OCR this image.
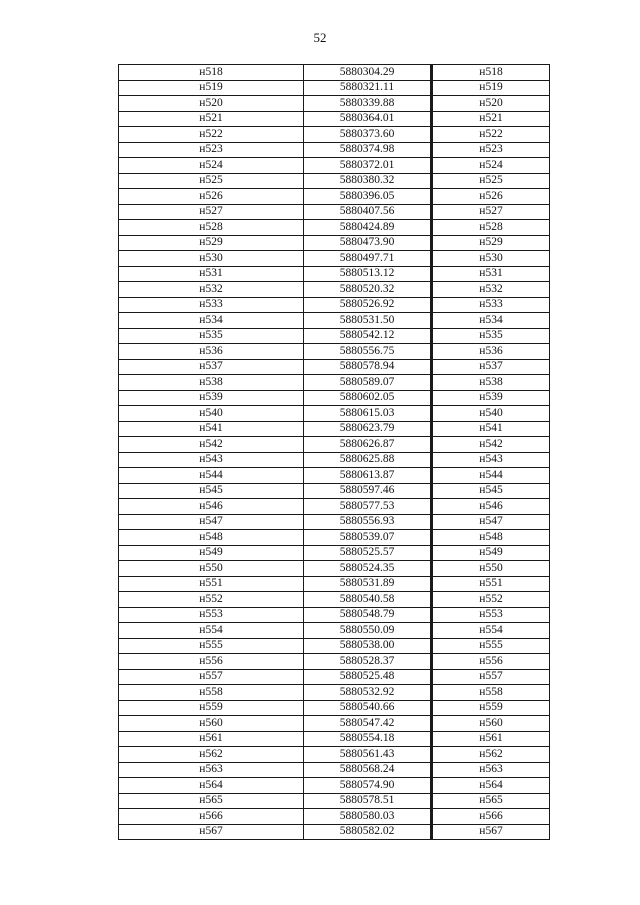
52
н518	5880304.29	н518
н519	5880321.11	н519
н520	5880339.88	н520
н521	5880364.01	н521
н522	5880373.60	н522
н523	5880374.98	н523
н524	5880372.01	н524
н525	5880380.32	н525
н526	5880396.05	н526
н527	5880407.56	н527
н528	5880424.89	н528
н529	5880473.90	н529
н530	5880497.71	н530
н531	5880513.12	н531
н532	5880520.32	н532
н533	5880526.92	н533
н534	5880531.50	н534
н535	5880542.12	н535
н536	5880556.75	н536
н537	5880578.94	н537
н538	5880589.07	н538
н539	5880602.05	н539
н540	5880615.03	н540
н541	5880623.79	н541
н542	5880626.87	н542
н543	5880625.88	н543
н544	5880613.87	н544
н545	5880597.46	н545
н546	5880577.53	н546
н547	5880556.93	н547
н548	5880539.07	н548
н549	5880525.57	н549
н550	5880524.35	н550
н551	5880531.89	н551
н552	5880540.58	н552
н553	5880548.79	н553
н554	5880550.09	н554
н555	5880538.00	н555
н556	5880528.37	н556
н557	5880525.48	н557
н558	5880532.92	н558
н559	5880540.66	н559
н560	5880547.42	н560
н561	5880554.18	н561
н562	5880561.43	н562
н563	5880568.24	н563
н564	5880574.90	н564
н565	5880578.51	н565
н566	5880580.03	н566
н567	5880582.02	н567
